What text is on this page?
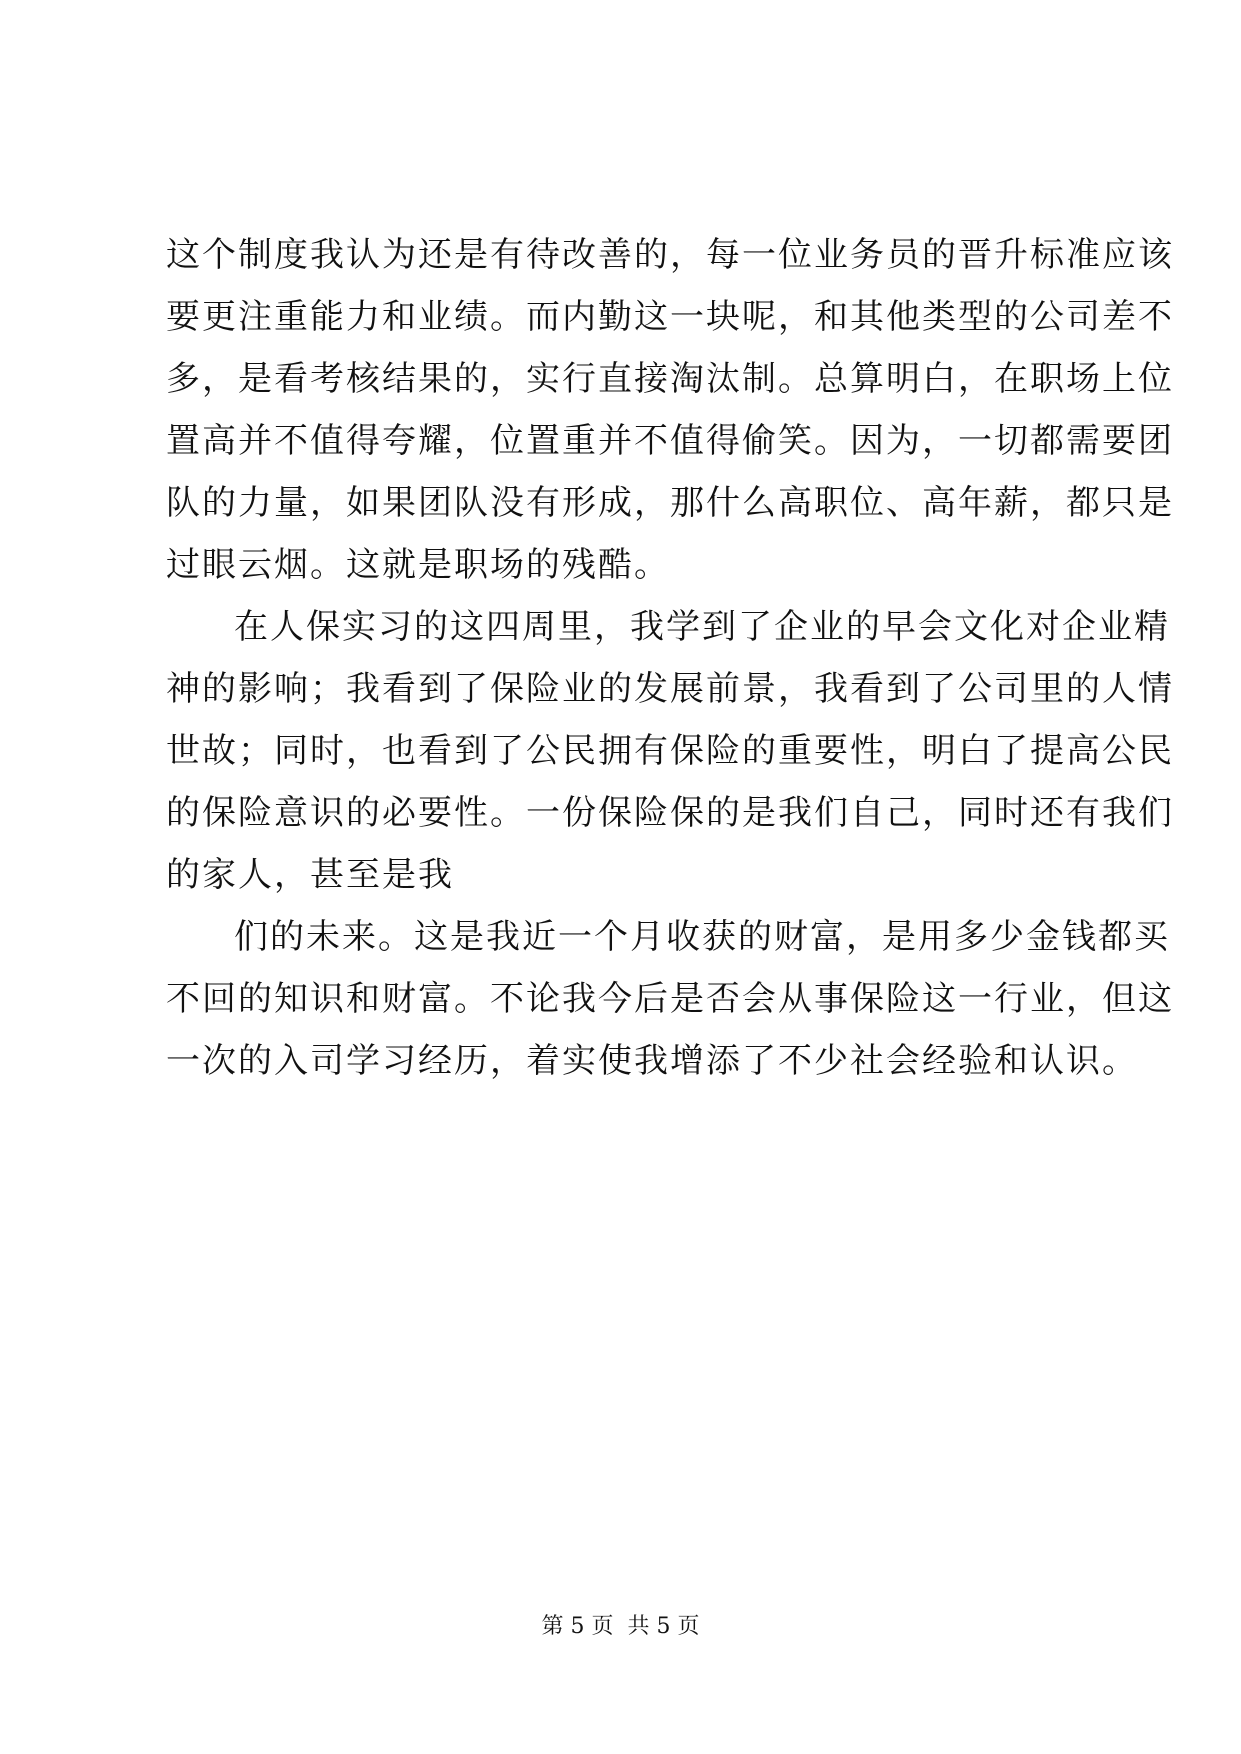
这个制度我认为还是有待改善的，每一位业务员的晋升标准应该
要更注重能力和业绩。而内勤这一块呢，和其他类型的公司差不
多，是看考核结果的，实行直接淘汰制。总算明白，在职场上位
置高并不值得夸耀，位置重并不值得偷笑。因为，一切都需要团
队的力量，如果团队没有形成，那什么高职位、高年薪，都只是
过眼云烟。这就是职场的残酷。
在人保实习的这四周里，我学到了企业的早会文化对企业精
神的影响；我看到了保险业的发展前景，我看到了公司里的人情
世故；同时，也看到了公民拥有保险的重要性，明白了提高公民
的保险意识的必要性。一份保险保的是我们自己，同时还有我们
的家人，甚至是我
们的未来。这是我近一个月收获的财富，是用多少金钱都买
不回的知识和财富。不论我今后是否会从事保险这一行业，但这
一次的入司学习经历，着实使我增添了不少社会经验和认识。
第 5 页 共 5 页
